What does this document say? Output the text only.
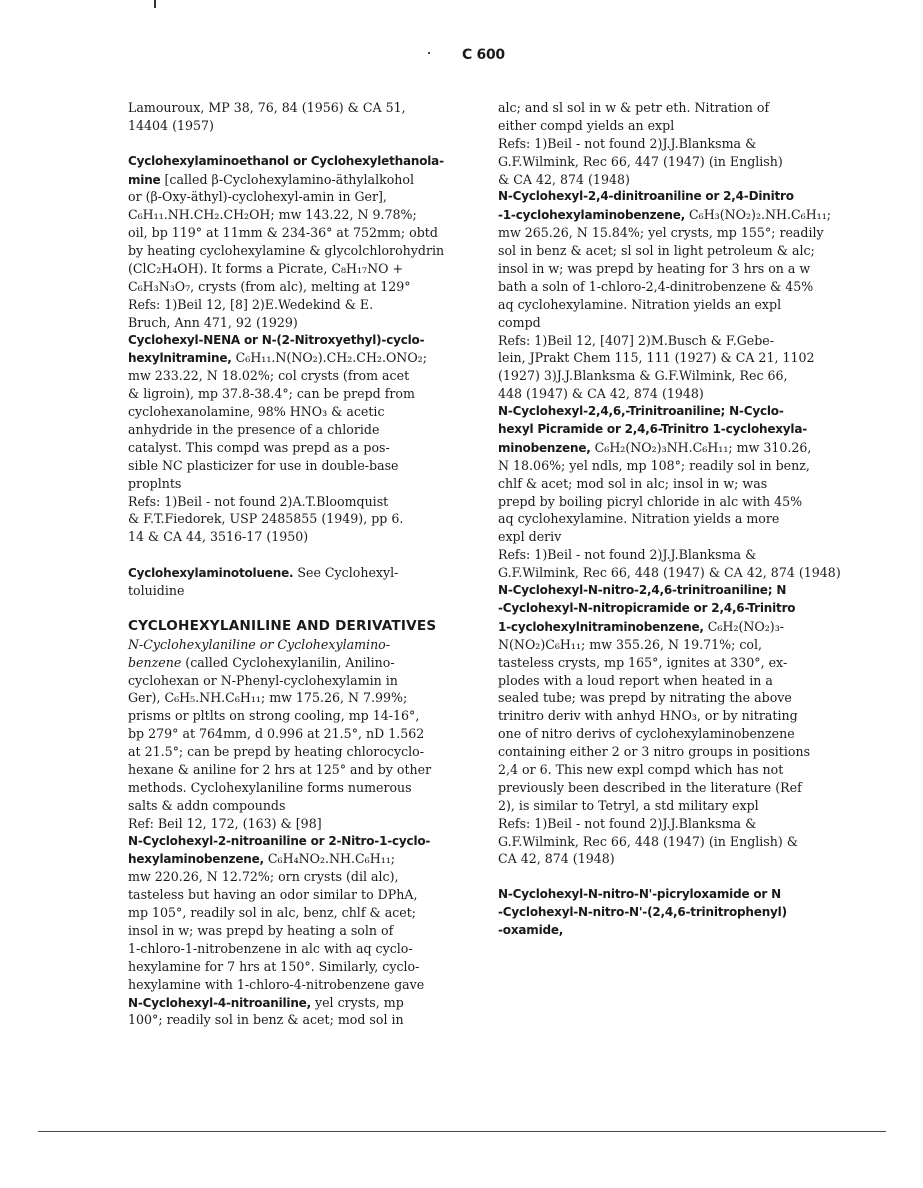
C 600
Lamouroux, MP 38, 76, 84 (1956) & CA 51,
14404 (1957)
Cyclohexylaminoethanol or Cyclohexylethanola-
mine [called β-Cyclohexylamino-äthylalkohol
or (β-Oxy-äthyl)-cyclohexyl-amin in Ger],
C₆H₁₁.NH.CH₂.CH₂OH; mw 143.22, N 9.78%;
oil, bp 119° at 11mm & 234-36° at 752mm; obtd
by heating cyclohexylamine & glycolchlorohydrin
(ClC₂H₄OH). It forms a Picrate, C₈H₁₇NO +
C₆H₃N₃O₇, crysts (from alc), melting at 129°
Refs: 1)Beil 12, [8] 2)E.Wedekind & E.
Bruch, Ann 471, 92 (1929)
Cyclohexyl-NENA or N-(2-Nitroxyethyl)-cyclo-
hexylnitramine, C₆H₁₁.N(NO₂).CH₂.CH₂.ONO₂;
mw 233.22, N 18.02%; col crysts (from acet
& ligroin), mp 37.8-38.4°; can be prepd from
cyclohexanolamine, 98% HNO₃ & acetic
anhydride in the presence of a chloride
catalyst. This compd was prepd as a pos-
sible NC plasticizer for use in double-base
proplnts
Refs: 1)Beil - not found 2)A.T.Bloomquist
& F.T.Fiedorek, USP 2485855 (1949), pp 6.
14 & CA 44, 3516-17 (1950)
Cyclohexylaminotoluene. See Cyclohexyl-
toluidine
CYCLOHEXYLANILINE AND DERIVATIVES
N-Cyclohexylaniline or Cyclohexylamino-
benzene (called Cyclohexylanilin, Anilino-
cyclohexan or N-Phenyl-cyclohexylamin in
Ger), C₆H₅.NH.C₆H₁₁; mw 175.26, N 7.99%;
prisms or pltlts on strong cooling, mp 14-16°,
bp 279° at 764mm, d 0.996 at 21.5°, nD 1.562
at 21.5°; can be prepd by heating chlorocyclo-
hexane & aniline for 2 hrs at 125° and by other
methods. Cyclohexylaniline forms numerous
salts & addn compounds
Ref: Beil 12, 172, (163) & [98]
N-Cyclohexyl-2-nitroaniline or 2-Nitro-1-cyclo-
hexylaminobenzene, C₆H₄NO₂.NH.C₆H₁₁;
mw 220.26, N 12.72%; orn crysts (dil alc),
tasteless but having an odor similar to DPhA,
mp 105°, readily sol in alc, benz, chlf & acet;
insol in w; was prepd by heating a soln of
1-chloro-1-nitrobenzene in alc with aq cyclo-
hexylamine for 7 hrs at 150°. Similarly, cyclo-
hexylamine with 1-chloro-4-nitrobenzene gave
N-Cyclohexyl-4-nitroaniline, yel crysts, mp
100°; readily sol in benz & acet; mod sol in
alc; and sl sol in w & petr eth. Nitration of
either compd yields an expl
Refs: 1)Beil - not found 2)J.J.Blanksma &
G.F.Wilmink, Rec 66, 447 (1947) (in English)
& CA 42, 874 (1948)
N-Cyclohexyl-2,4-dinitroaniline or 2,4-Dinitro
-1-cyclohexylaminobenzene, C₆H₃(NO₂)₂.NH.C₆H₁₁;
mw 265.26, N 15.84%; yel crysts, mp 155°; readily
sol in benz & acet; sl sol in light petroleum & alc;
insol in w; was prepd by heating for 3 hrs on a w
bath a soln of 1-chloro-2,4-dinitrobenzene & 45%
aq cyclohexylamine. Nitration yields an expl
compd
Refs: 1)Beil 12, [407] 2)M.Busch & F.Gebe-
lein, JPrakt Chem 115, 111 (1927) & CA 21, 1102
(1927) 3)J.J.Blanksma & G.F.Wilmink, Rec 66,
448 (1947) & CA 42, 874 (1948)
N-Cyclohexyl-2,4,6,-Trinitroaniline; N-Cyclo-
hexyl Picramide or 2,4,6-Trinitro 1-cyclohexyla-
minobenzene, C₆H₂(NO₂)₃NH.C₆H₁₁; mw 310.26,
N 18.06%; yel ndls, mp 108°; readily sol in benz,
chlf & acet; mod sol in alc; insol in w; was
prepd by boiling picryl chloride in alc with 45%
aq cyclohexylamine. Nitration yields a more
expl deriv
Refs: 1)Beil - not found 2)J.J.Blanksma &
G.F.Wilmink, Rec 66, 448 (1947) & CA 42, 874 (1948)
N-Cyclohexyl-N-nitro-2,4,6-trinitroaniline; N
-Cyclohexyl-N-nitropicramide or 2,4,6-Trinitro
1-cyclohexylnitraminobenzene, C₆H₂(NO₂)₃-
N(NO₂)C₆H₁₁; mw 355.26, N 19.71%; col,
tasteless crysts, mp 165°, ignites at 330°, ex-
plodes with a loud report when heated in a
sealed tube; was prepd by nitrating the above
trinitro deriv with anhyd HNO₃, or by nitrating
one of nitro derivs of cyclohexylaminobenzene
containing either 2 or 3 nitro groups in positions
2,4 or 6. This new expl compd which has not
previously been described in the literature (Ref
2), is similar to Tetryl, a std military expl
Refs: 1)Beil - not found 2)J.J.Blanksma &
G.F.Wilmink, Rec 66, 448 (1947) (in English) &
CA 42, 874 (1948)
N-Cyclohexyl-N-nitro-N'-picryloxamide or N
-Cyclohexyl-N-nitro-N'-(2,4,6-trinitrophenyl)
-oxamide,
